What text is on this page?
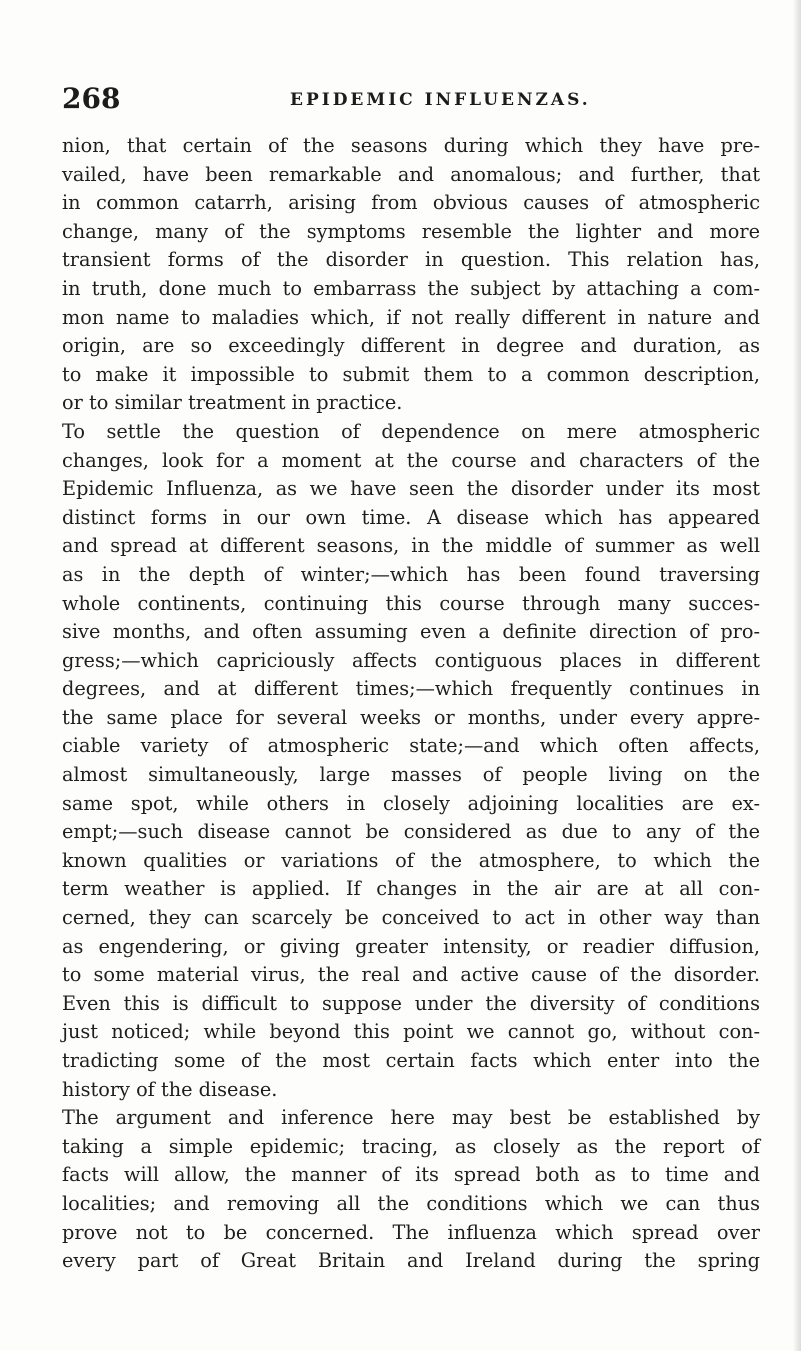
268	EPIDEMIC INFLUENZAS.
nion, that certain of the seasons during which they have pre-
vailed, have been remarkable and anomalous; and further, that
in common catarrh, arising from obvious causes of atmospheric
change, many of the symptoms resemble the lighter and more
transient forms of the disorder in question. This relation has,
in truth, done much to embarrass the subject by attaching a com-
mon name to maladies which, if not really different in nature and
origin, are so exceedingly different in degree and duration, as
to make it impossible to submit them to a common description,
or to similar treatment in practice.
To settle the question of dependence on mere atmospheric
changes, look for a moment at the course and characters of the
Epidemic Influenza, as we have seen the disorder under its most
distinct forms in our own time. A disease which has appeared
and spread at different seasons, in the middle of summer as well
as in the depth of winter;—which has been found traversing
whole continents, continuing this course through many succes-
sive months, and often assuming even a definite direction of pro-
gress;—which capriciously affects contiguous places in different
degrees, and at different times;—which frequently continues in
the same place for several weeks or months, under every appre-
ciable variety of atmospheric state;—and which often affects,
almost simultaneously, large masses of people living on the
same spot, while others in closely adjoining localities are ex-
empt;—such disease cannot be considered as due to any of the
known qualities or variations of the atmosphere, to which the
term weather is applied. If changes in the air are at all con-
cerned, they can scarcely be conceived to act in other way than
as engendering, or giving greater intensity, or readier diffusion,
to some material virus, the real and active cause of the disorder.
Even this is difficult to suppose under the diversity of conditions
just noticed; while beyond this point we cannot go, without con-
tradicting some of the most certain facts which enter into the
history of the disease.
The argument and inference here may best be established by
taking a simple epidemic; tracing, as closely as the report of
facts will allow, the manner of its spread both as to time and
localities; and removing all the conditions which we can thus
prove not to be concerned. The influenza which spread over
every part of Great Britain and Ireland during the spring
